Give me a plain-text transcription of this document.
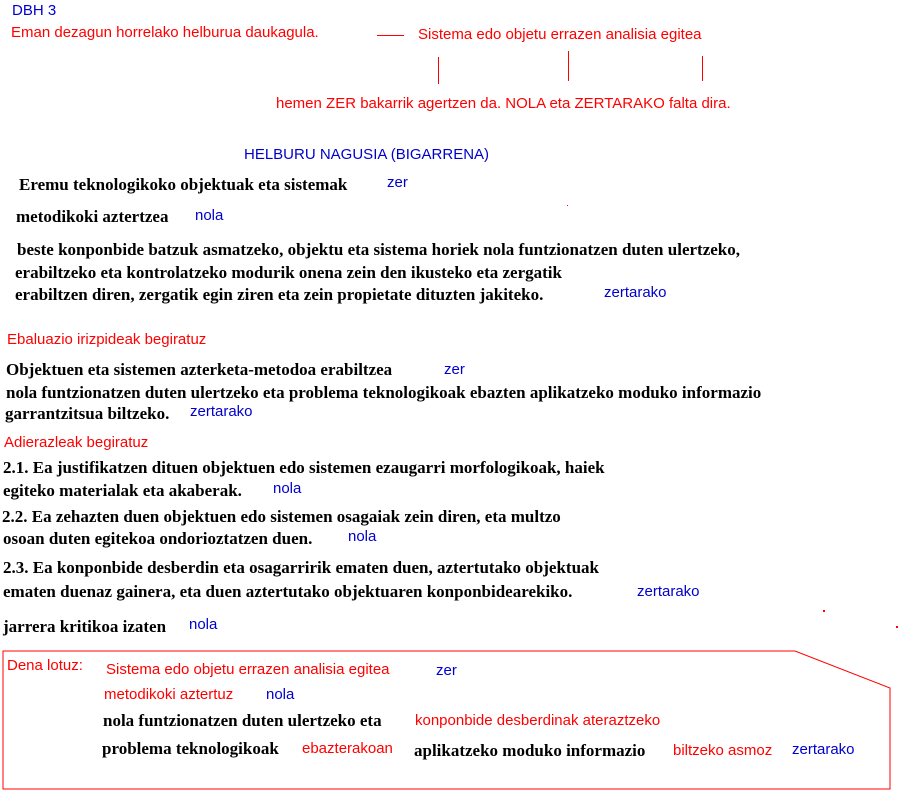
DBH 3
Eman dezagun horrelako helburua daukagula.	Sistema edo objetu errazen analisia egitea
hemen ZER bakarrik agertzen da. NOLA eta ZERTARAKO falta dira.
HELBURU NAGUSIA (BIGARRENA)
Eremu teknologikoko objektuak eta sistemak	zer
metodikoki aztertzea nola
beste konponbide batzuk asmatzeko, objektu eta sistema horiek nola funtzionatzen duten ulertzeko,
erabiltzeko eta kontrolatzeko modurik onena zein den ikusteko eta zergatik
erabiltzen diren, zergatik egin ziren eta zein propietate dituzten jakiteko.	zertarako
Ebaluazio irizpideak begiratuz
Objektuen eta sistemen azterketa-metodoa erabiltzea	zer
nola funtzionatzen duten ulertzeko eta problema teknologikoak ebazten aplikatzeko moduko informazio
garrantzitsua biltzeko. zertarako
Adierazleak begiratuz
2.1. Ea justifikatzen dituen objektuen edo sistemen ezaugarri morfologikoak, haiek
egiteko materialak eta akaberak. nola
2.2. Ea zehazten duen objektuen edo sistemen osagaiak zein diren, eta multzo
osoan duten egitekoa ondorioztatzen duen. nola
2.3. Ea konponbide desberdin eta osagarririk ematen duen, aztertutako objektuak
ematen duenaz gainera, eta duen aztertutako objektuaren konponbidearekiko.	zertarako
jarrera kritikoa izaten nola
Dena lotuz: Sistema edo objetu errazen analisia egitea	zer
metodikoki aztertuz nola
nola funtzionatzen duten ulertzeko eta konponbide desberdinak ateraztzeko
problema teknologikoak ebazterakoan aplikatzeko moduko informazio biltzeko asmoz zertarako
